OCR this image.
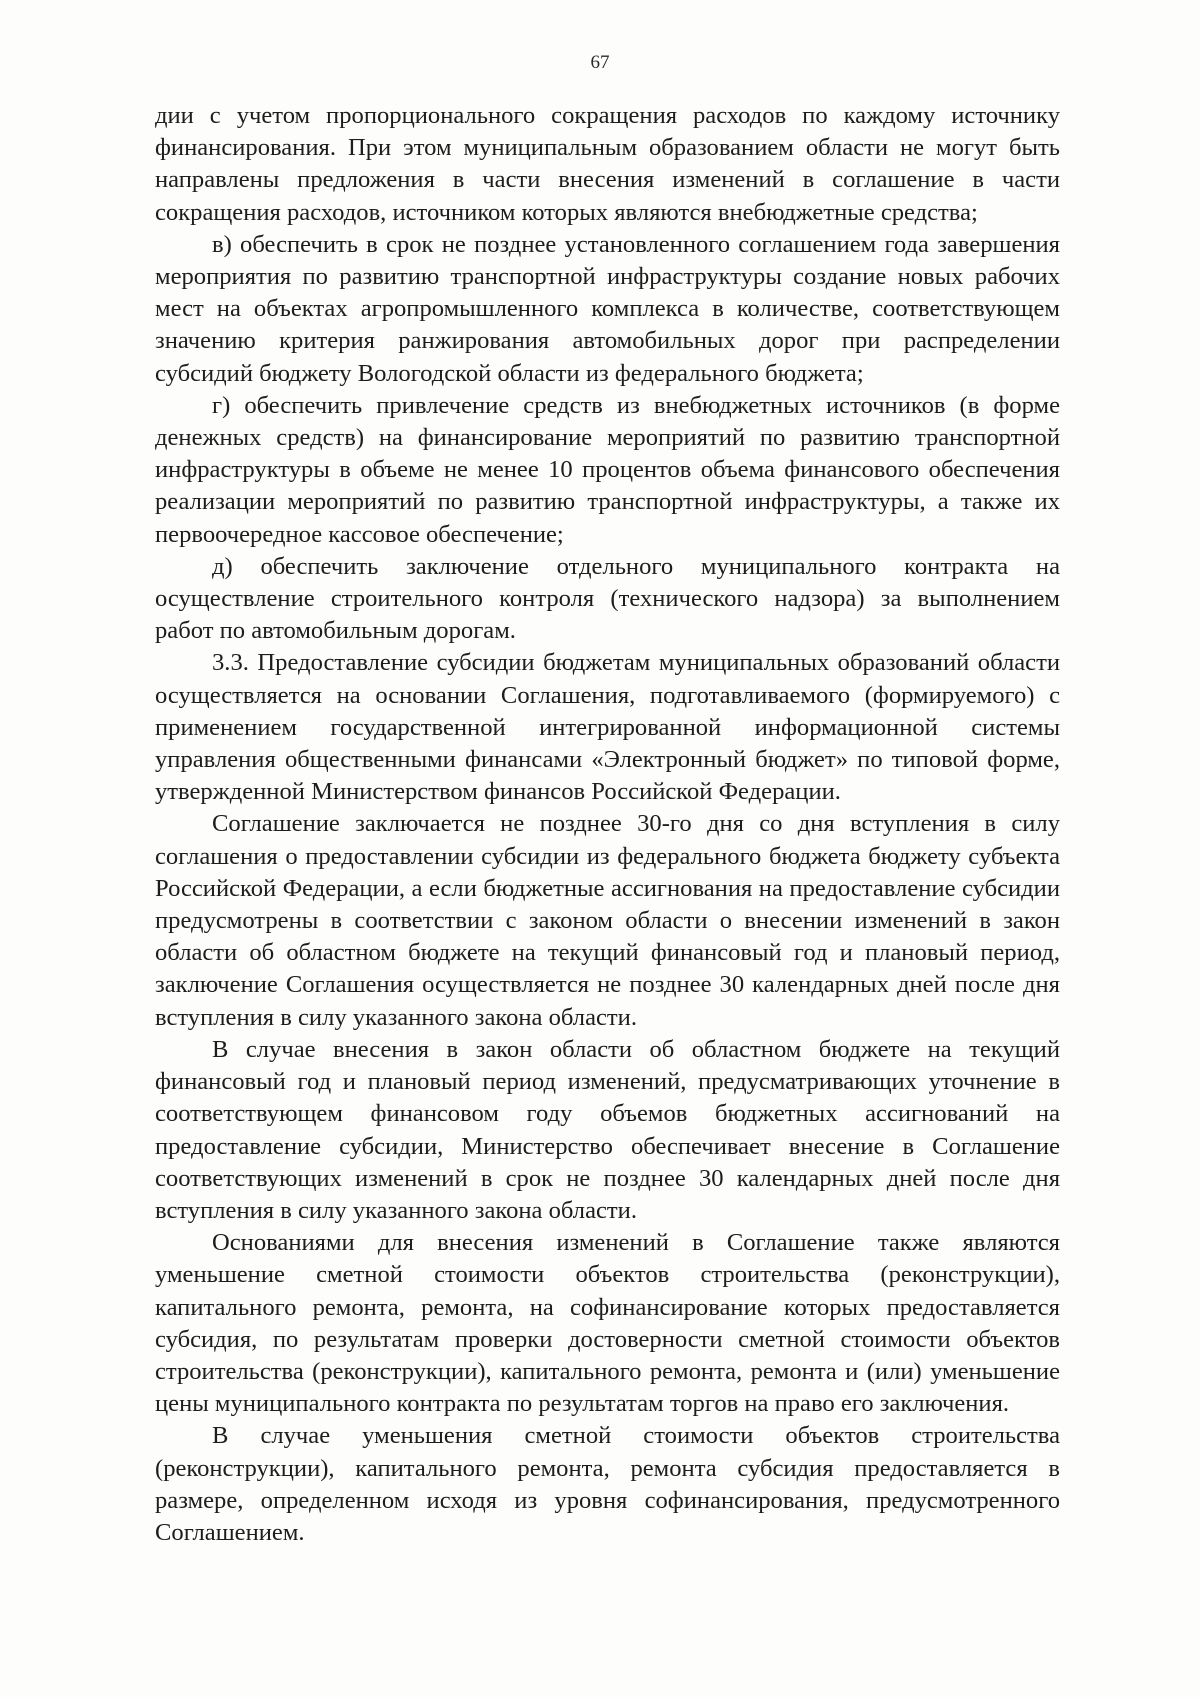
67

дии с учетом пропорционального сокращения расходов по каждому источнику финансирования. При этом муниципальным образованием области не могут быть направлены предложения в части внесения изменений в соглашение в части сокращения расходов, источником которых являются внебюджетные средства;

в) обеспечить в срок не позднее установленного соглашением года завершения мероприятия по развитию транспортной инфраструктуры создание новых рабочих мест на объектах агропромышленного комплекса в количестве, соответствующем значению критерия ранжирования автомобильных дорог при распределении субсидий бюджету Вологодской области из федерального бюджета;

г) обеспечить привлечение средств из внебюджетных источников (в форме денежных средств) на финансирование мероприятий по развитию транспортной инфраструктуры в объеме не менее 10 процентов объема финансового обеспечения реализации мероприятий по развитию транспортной инфраструктуры, а также их первоочередное кассовое обеспечение;

д) обеспечить заключение отдельного муниципального контракта на осуществление строительного контроля (технического надзора) за выполнением работ по автомобильным дорогам.

3.3. Предоставление субсидии бюджетам муниципальных образований области осуществляется на основании Соглашения, подготавливаемого (формируемого) с применением государственной интегрированной информационной системы управления общественными финансами «Электронный бюджет» по типовой форме, утвержденной Министерством финансов Российской Федерации.

Соглашение заключается не позднее 30-го дня со дня вступления в силу соглашения о предоставлении субсидии из федерального бюджета бюджету субъекта Российской Федерации, а если бюджетные ассигнования на предоставление субсидии предусмотрены в соответствии с законом области о внесении изменений в закон области об областном бюджете на текущий финансовый год и плановый период, заключение Соглашения осуществляется не позднее 30 календарных дней после дня вступления в силу указанного закона области.

В случае внесения в закон области об областном бюджете на текущий финансовый год и плановый период изменений, предусматривающих уточнение в соответствующем финансовом году объемов бюджетных ассигнований на предоставление субсидии, Министерство обеспечивает внесение в Соглашение соответствующих изменений в срок не позднее 30 календарных дней после дня вступления в силу указанного закона области.

Основаниями для внесения изменений в Соглашение также являются уменьшение сметной стоимости объектов строительства (реконструкции), капитального ремонта, ремонта, на софинансирование которых предоставляется субсидия, по результатам проверки достоверности сметной стоимости объектов строительства (реконструкции), капитального ремонта, ремонта и (или) уменьшение цены муниципального контракта по результатам торгов на право его заключения.

В случае уменьшения сметной стоимости объектов строительства (реконструкции), капитального ремонта, ремонта субсидия предоставляется в размере, определенном исходя из уровня софинансирования, предусмотренного Соглашением.
